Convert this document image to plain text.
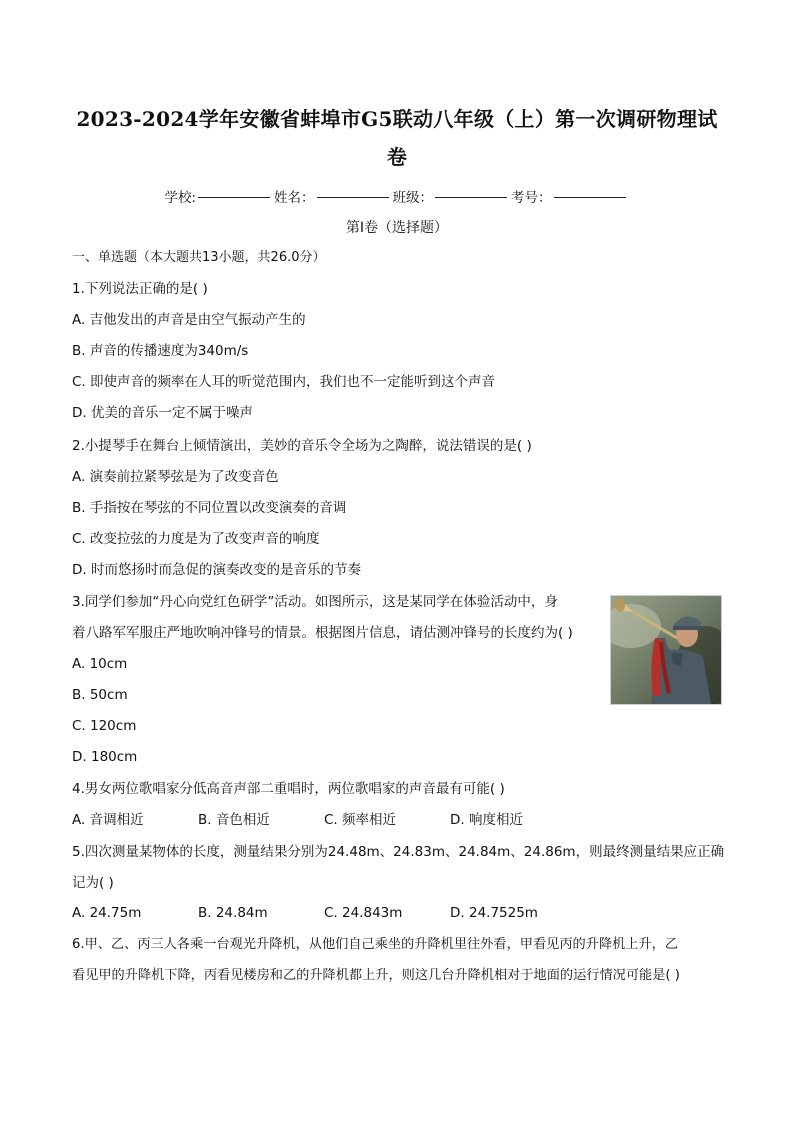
2023-2024学年安徽省蚌埠市G5联动八年级（上）第一次调研物理试
卷
学校:	姓名：	班级：	考号：
第I卷（选择题）
一、单选题（本大题共13小题，共26.0分）
1.下列说法正确的是( )
A. 吉他发出的声音是由空气振动产生的
B. 声音的传播速度为340m/s
C. 即使声音的频率在人耳的听觉范围内，我们也不一定能听到这个声音
D. 优美的音乐一定不属于噪声
2.小提琴手在舞台上倾情演出，美妙的音乐令全场为之陶醉，说法错误的是( )
A. 演奏前拉紧琴弦是为了改变音色
B. 手指按在琴弦的不同位置以改变演奏的音调
C. 改变拉弦的力度是为了改变声音的响度
D. 时而悠扬时而急促的演奏改变的是音乐的节奏
3.同学们参加“丹心向党红色研学”活动。如图所示，这是某同学在体验活动中，身
着八路军军服庄严地吹响冲锋号的情景。根据图片信息，请估测冲锋号的长度约为( )
A. 10cm
B. 50cm
C. 120cm
D. 180cm
4.男女两位歌唱家分低高音声部二重唱时，两位歌唱家的声音最有可能( )
A. 音调相近	B. 音色相近	C. 频率相近	D. 响度相近
5.四次测量某物体的长度，测量结果分别为24.48m、24.83m、24.84m、24.86m，则最终测量结果应正确
记为( )
A. 24.75m	B. 24.84m	C. 24.843m	D. 24.7525m
6.甲、乙、丙三人各乘一台观光升降机，从他们自己乘坐的升降机里往外看，甲看见丙的升降机上升，乙
看见甲的升降机下降，丙看见楼房和乙的升降机都上升，则这几台升降机相对于地面的运行情况可能是( )
